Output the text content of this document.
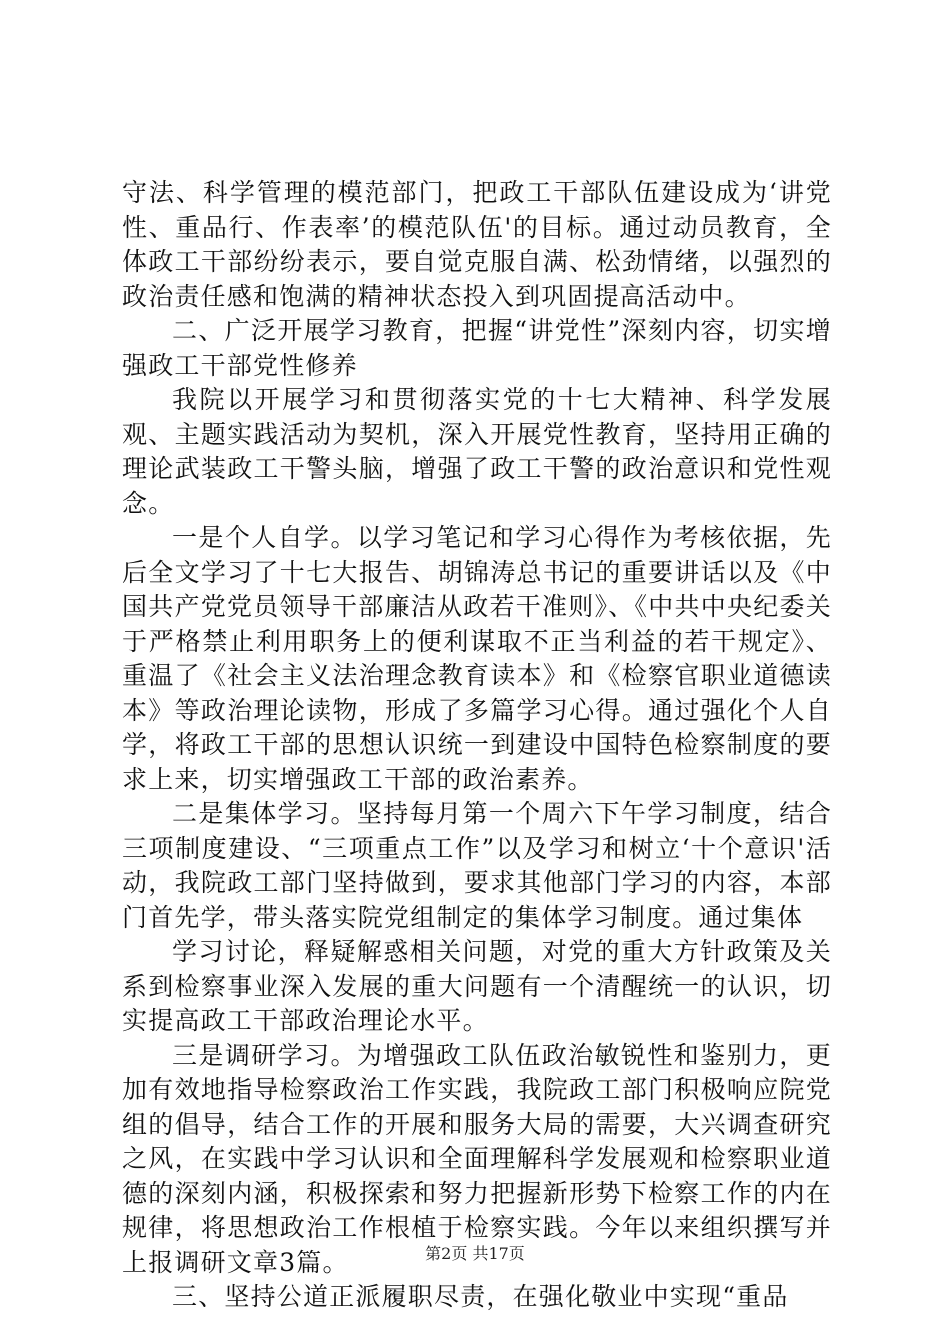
守法、科学管理的模范部门，把政工干部队伍建设成为‘讲党性、重品行、作表率’的模范队伍'的目标。通过动员教育，全体政工干部纷纷表示，要自觉克服自满、松劲情绪，以强烈的政治责任感和饱满的精神状态投入到巩固提高活动中。

二、广泛开展学习教育，把握“讲党性”深刻内容，切实增强政工干部党性修养

我院以开展学习和贯彻落实党的十七大精神、科学发展观、主题实践活动为契机，深入开展党性教育，坚持用正确的理论武装政工干警头脑，增强了政工干警的政治意识和党性观念。

一是个人自学。以学习笔记和学习心得作为考核依据，先后全文学习了十七大报告、胡锦涛总书记的重要讲话以及《中国共产党党员领导干部廉洁从政若干准则》、《中共中央纪委关于严格禁止利用职务上的便利谋取不正当利益的若干规定》、重温了《社会主义法治理念教育读本》和《检察官职业道德读本》等政治理论读物，形成了多篇学习心得。通过强化个人自学，将政工干部的思想认识统一到建设中国特色检察制度的要求上来，切实增强政工干部的政治素养。

二是集体学习。坚持每月第一个周六下午学习制度，结合三项制度建设、“三项重点工作”以及学习和树立‘十个意识'活动，我院政工部门坚持做到，要求其他部门学习的内容，本部门首先学，带头落实院党组制定的集体学习制度。通过集体

学习讨论，释疑解惑相关问题，对党的重大方针政策及关系到检察事业深入发展的重大问题有一个清醒统一的认识，切实提高政工干部政治理论水平。

三是调研学习。为增强政工队伍政治敏锐性和鉴别力，更加有效地指导检察政治工作实践，我院政工部门积极响应院党组的倡导，结合工作的开展和服务大局的需要，大兴调查研究之风，在实践中学习认识和全面理解科学发展观和检察职业道德的深刻内涵，积极探索和努力把握新形势下检察工作的内在规律，将思想政治工作根植于检察实践。今年以来组织撰写并上报调研文章3篇。

三、坚持公道正派履职尽责，在强化敬业中实现“重品

第2页 共17页
